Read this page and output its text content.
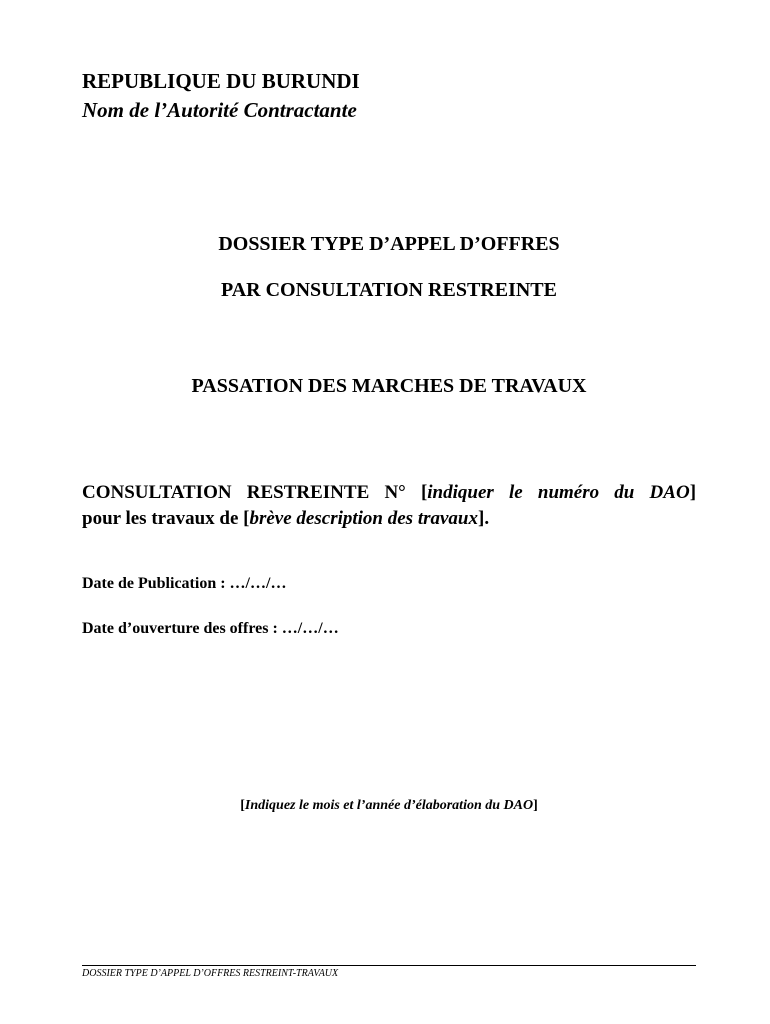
REPUBLIQUE DU BURUNDI

Nom de l’Autorité Contractante

DOSSIER TYPE D’APPEL D’OFFRES

PAR CONSULTATION RESTREINTE

PASSATION DES MARCHES DE TRAVAUX

CONSULTATION RESTREINTE N° [indiquer le numéro du DAO]

pour les travaux de [brève description des travaux].

Date de Publication : …/…/…

Date d’ouverture des offres : …/…/…

[Indiquez le mois et l’année d’élaboration du DAO]

DOSSIER TYPE D’APPEL D’OFFRES RESTREINT-TRAVAUX
